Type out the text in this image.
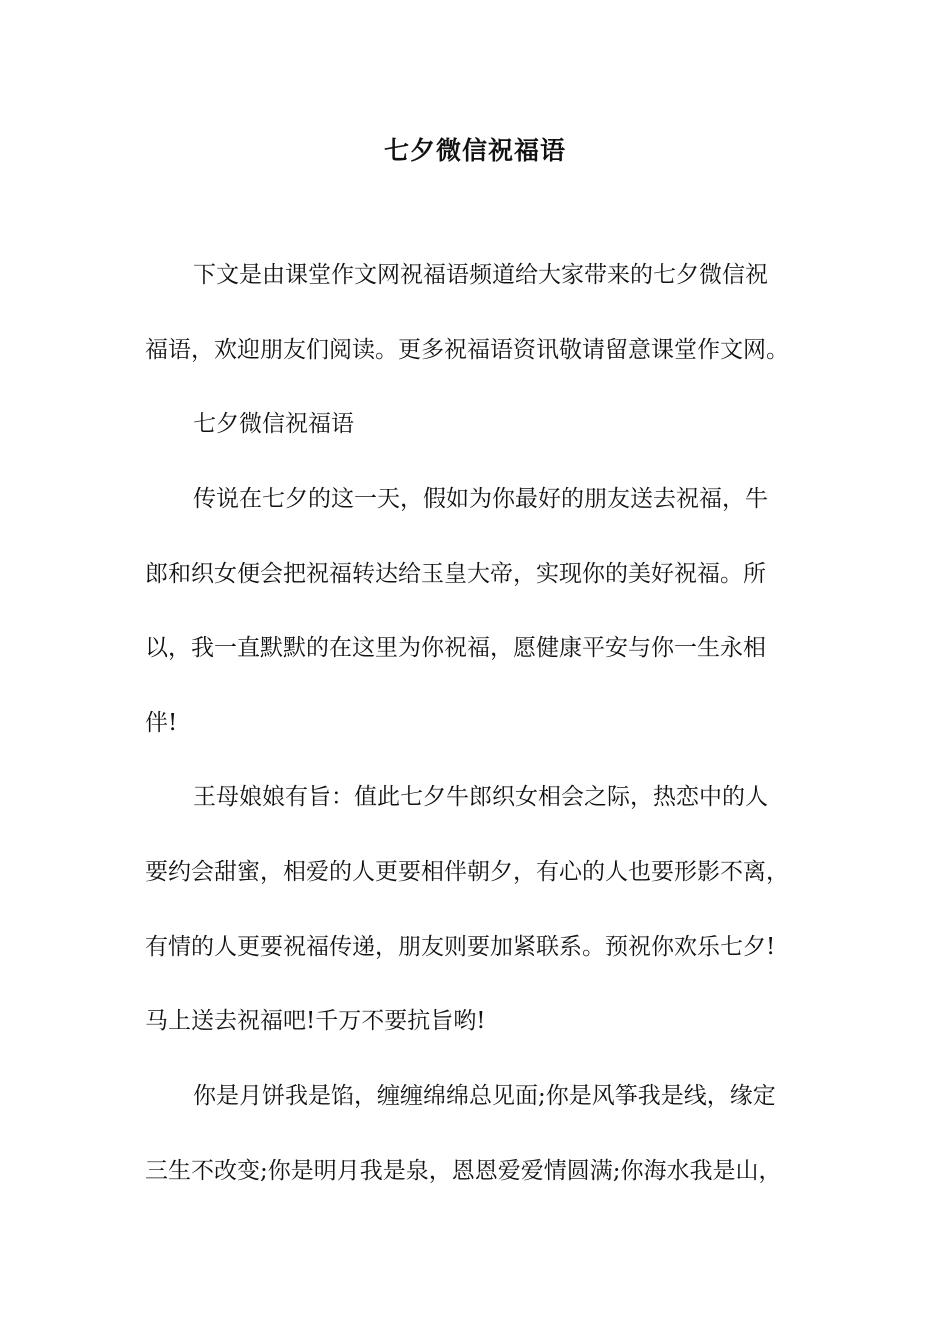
七夕微信祝福语

下文是由课堂作文网祝福语频道给大家带来的七夕微信祝

福语，欢迎朋友们阅读。更多祝福语资讯敬请留意课堂作文网。

七夕微信祝福语

传说在七夕的这一天，假如为你最好的朋友送去祝福，牛

郎和织女便会把祝福转达给玉皇大帝，实现你的美好祝福。所

以，我一直默默的在这里为你祝福，愿健康平安与你一生永相

伴!

王母娘娘有旨：值此七夕牛郎织女相会之际，热恋中的人

要约会甜蜜，相爱的人更要相伴朝夕，有心的人也要形影不离，

有情的人更要祝福传递，朋友则要加紧联系。预祝你欢乐七夕!

马上送去祝福吧!千万不要抗旨哟!

你是月饼我是馅，缠缠绵绵总见面;你是风筝我是线，缘定

三生不改变;你是明月我是泉，恩恩爱爱情圆满;你海水我是山，
